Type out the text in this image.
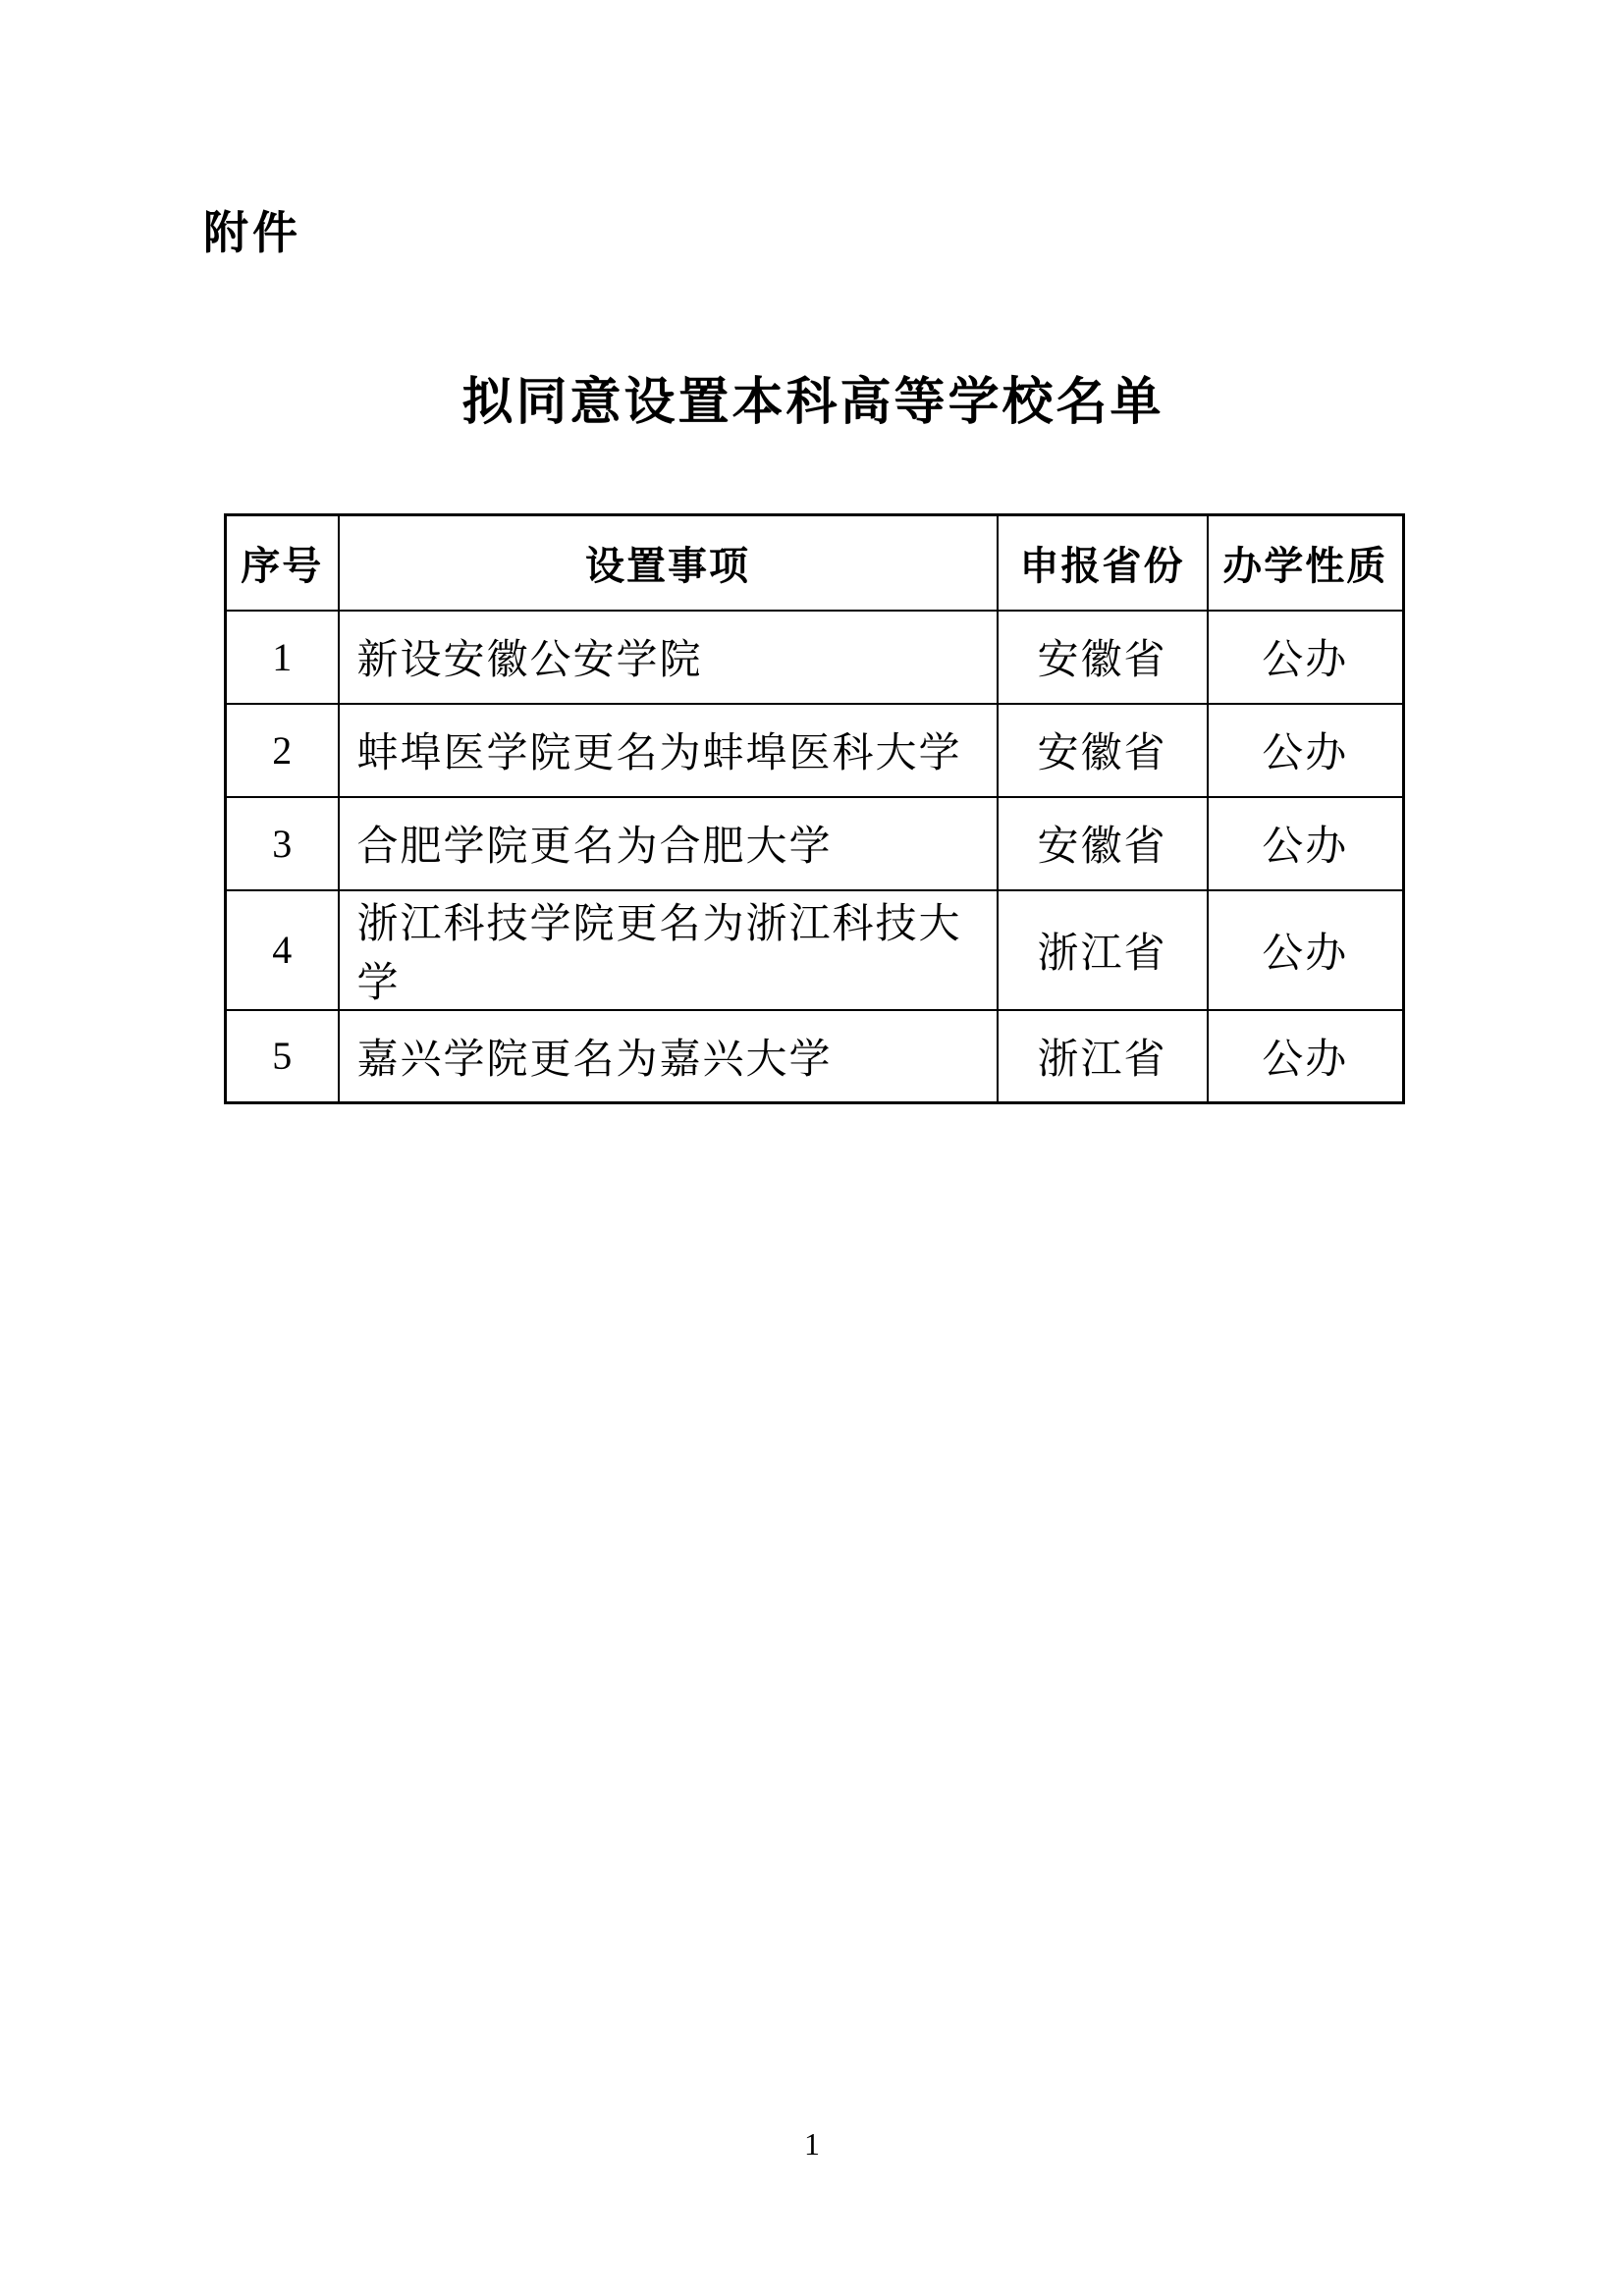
附件
拟同意设置本科高等学校名单
序号	设置事项	申报省份	办学性质
1	新设安徽公安学院	安徽省	公办
2	蚌埠医学院更名为蚌埠医科大学	安徽省	公办
3	合肥学院更名为合肥大学	安徽省	公办
4	浙江科技学院更名为浙江科技大学	浙江省	公办
5	嘉兴学院更名为嘉兴大学	浙江省	公办
1
